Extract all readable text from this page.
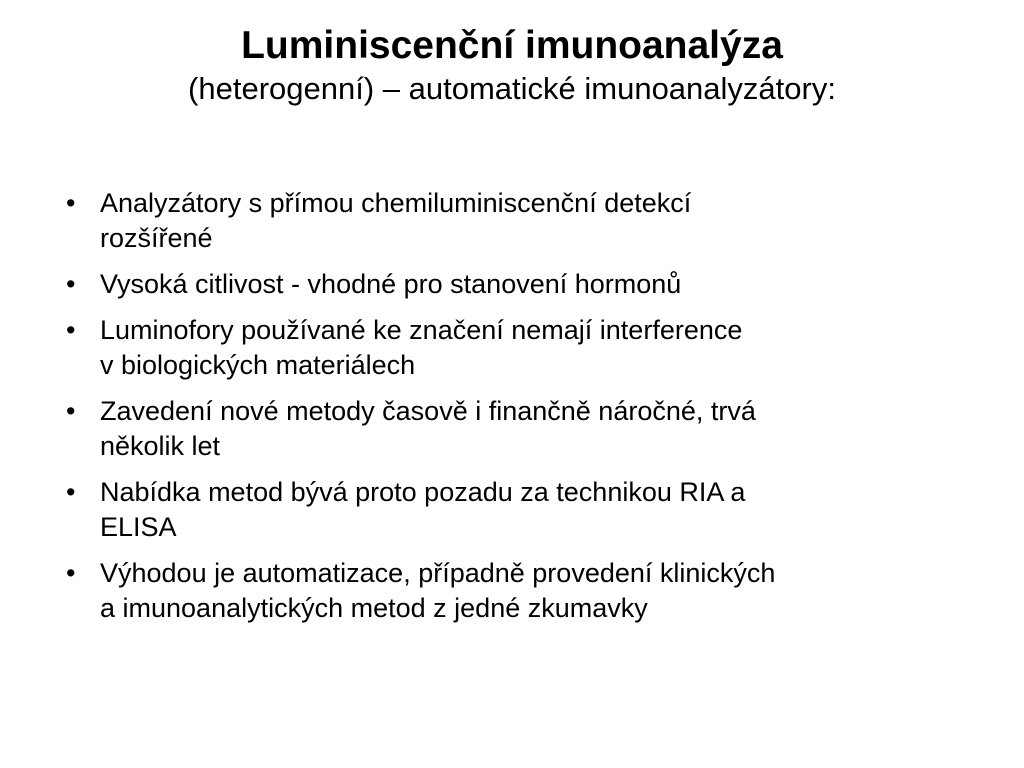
Luminiscenční imunoanalýza

(heterogenní) – automatické imunoanalyzátory:

• Analyzátory s přímou chemiluminiscenční detekcí
rozšířené
• Vysoká citlivost - vhodné pro stanovení hormonů
• Luminofory používané ke značení nemají interference
v biologických materiálech
• Zavedení nové metody časově i finančně náročné, trvá
několik let
• Nabídka metod bývá proto pozadu za technikou RIA a
ELISA
• Výhodou je automatizace, případně provedení klinických
a imunoanalytických metod z jedné zkumavky
